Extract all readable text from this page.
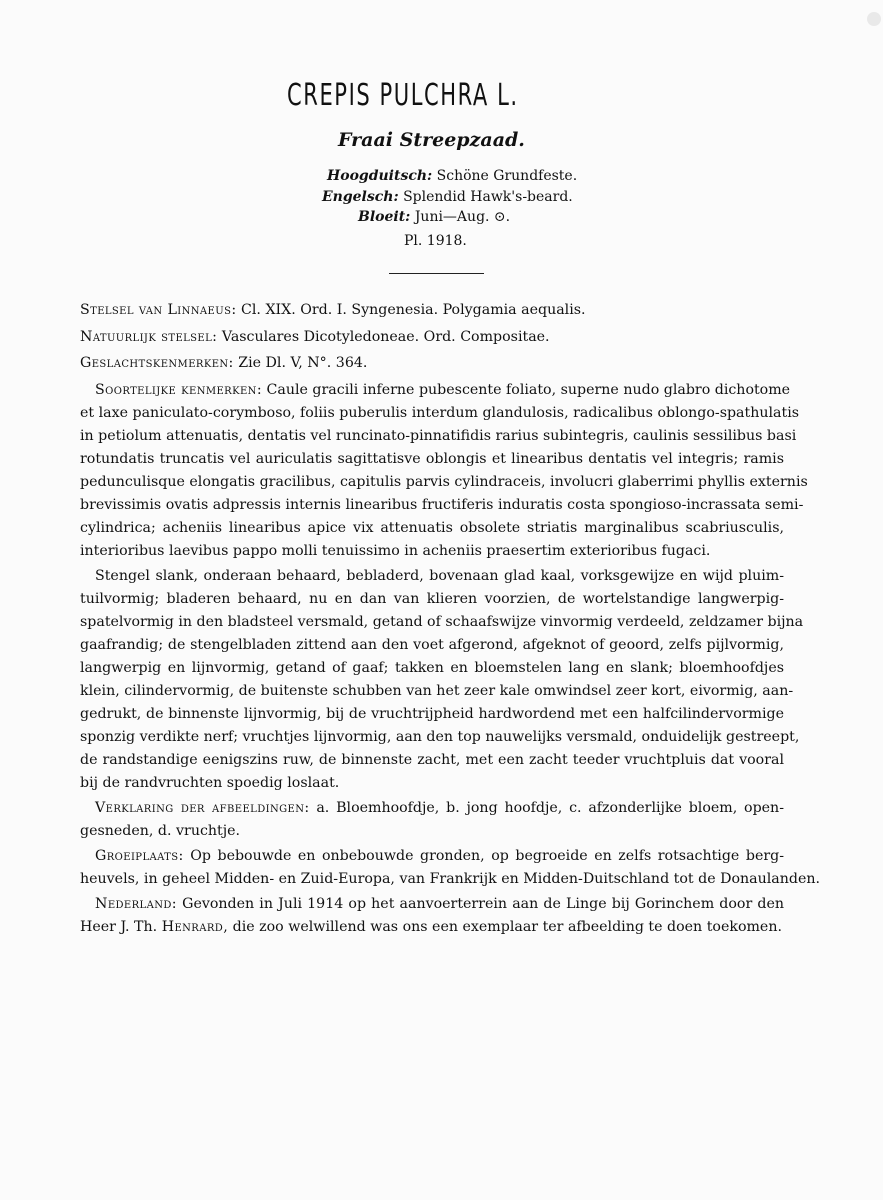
CREPIS PULCHRA L.
Fraai Streepzaad.
Hoogduitsch: Schöne Grundfeste.
Engelsch: Splendid Hawk's-beard.
Bloeit: Juni—Aug. ⊙.
Pl. 1918.
Stelsel van Linnaeus: Cl. XIX. Ord. I. Syngenesia. Polygamia aequalis.
Natuurlijk stelsel: Vasculares Dicotyledoneae. Ord. Compositae.
Geslachtskenmerken: Zie Dl. V, N°. 364.
Soortelijke kenmerken: Caule gracili inferne pubescente foliato, superne nudo glabro dichotome
et laxe paniculato-corymboso, foliis puberulis interdum glandulosis, radicalibus oblongo-spathulatis
in petiolum attenuatis, dentatis vel runcinato-pinnatifidis rarius subintegris, caulinis sessilibus basi
rotundatis truncatis vel auriculatis sagittatisve oblongis et linearibus dentatis vel integris; ramis
pedunculisque elongatis gracilibus, capitulis parvis cylindraceis, involucri glaberrimi phyllis externis
brevissimis ovatis adpressis internis linearibus fructiferis induratis costa spongioso-incrassata semi-
cylindrica; acheniis linearibus apice vix attenuatis obsolete striatis marginalibus scabriusculis,
interioribus laevibus pappo molli tenuissimo in acheniis praesertim exterioribus fugaci.
Stengel slank, onderaan behaard, bebladerd, bovenaan glad kaal, vorksgewijze en wijd pluim-
tuilvormig; bladeren behaard, nu en dan van klieren voorzien, de wortelstandige langwerpig-
spatelvormig in den bladsteel versmald, getand of schaafswijze vinvormig verdeeld, zeldzamer bijna
gaafrandig; de stengelbladen zittend aan den voet afgerond, afgeknot of geoord, zelfs pijlvormig,
langwerpig en lijnvormig, getand of gaaf; takken en bloemstelen lang en slank; bloemhoofdjes
klein, cilindervormig, de buitenste schubben van het zeer kale omwindsel zeer kort, eivormig, aan-
gedrukt, de binnenste lijnvormig, bij de vruchtrijpheid hardwordend met een halfcilindervormige
sponzig verdikte nerf; vruchtjes lijnvormig, aan den top nauwelijks versmald, onduidelijk gestreept,
de randstandige eenigszins ruw, de binnenste zacht, met een zacht teeder vruchtpluis dat vooral
bij de randvruchten spoedig loslaat.
Verklaring der afbeeldingen: a. Bloemhoofdje, b. jong hoofdje, c. afzonderlijke bloem, open-
gesneden, d. vruchtje.
Groeiplaats: Op bebouwde en onbebouwde gronden, op begroeide en zelfs rotsachtige berg-
heuvels, in geheel Midden- en Zuid-Europa, van Frankrijk en Midden-Duitschland tot de Donaulanden.
Nederland: Gevonden in Juli 1914 op het aanvoerterrein aan de Linge bij Gorinchem door den
Heer J. Th. Henrard, die zoo welwillend was ons een exemplaar ter afbeelding te doen toekomen.
